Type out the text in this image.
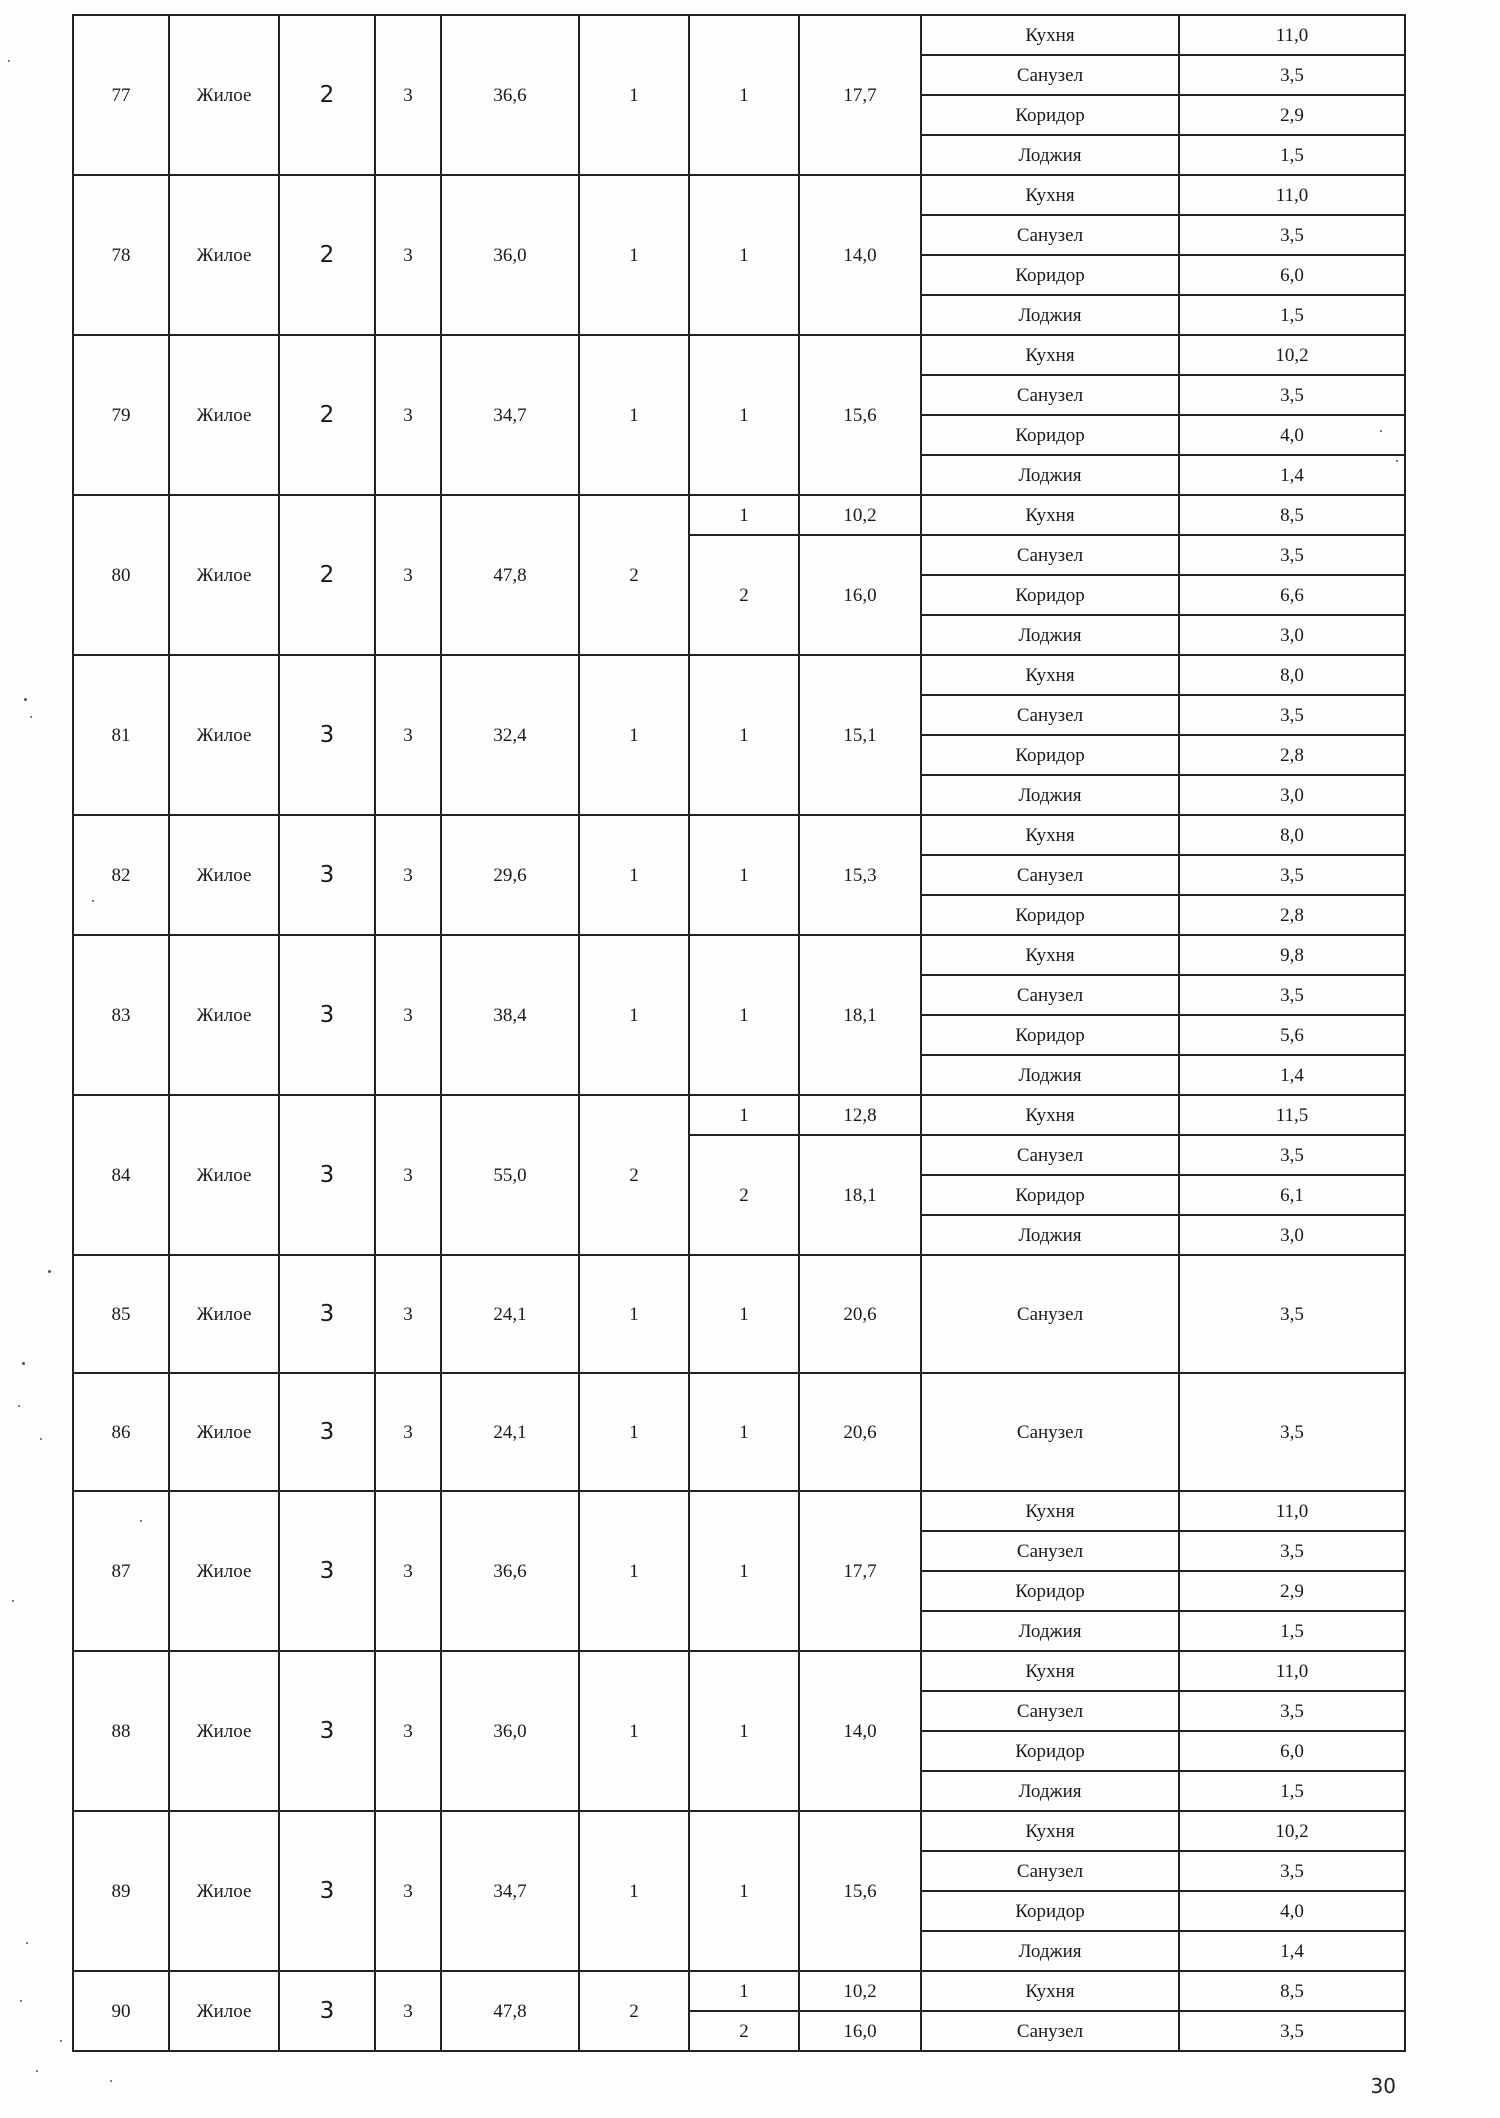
77	Жилое	2	3	36,6	1	1	17,7	Кухня	11,0
								Санузел	3,5
								Коридор	2,9
								Лоджия	1,5
78	Жилое	2	3	36,0	1	1	14,0	Кухня	11,0
								Санузел	3,5
								Коридор	6,0
								Лоджия	1,5
79	Жилое	2	3	34,7	1	1	15,6	Кухня	10,2
								Санузел	3,5
								Коридор	4,0
								Лоджия	1,4
80	Жилое	2	3	47,8	2	1	10,2	Кухня	8,5
						2	16,0	Санузел	3,5
								Коридор	6,6
								Лоджия	3,0
81	Жилое	3	3	32,4	1	1	15,1	Кухня	8,0
								Санузел	3,5
								Коридор	2,8
								Лоджия	3,0
82	Жилое	3	3	29,6	1	1	15,3	Кухня	8,0
								Санузел	3,5
								Коридор	2,8
83	Жилое	3	3	38,4	1	1	18,1	Кухня	9,8
								Санузел	3,5
								Коридор	5,6
								Лоджия	1,4
84	Жилое	3	3	55,0	2	1	12,8	Кухня	11,5
						2	18,1	Санузел	3,5
								Коридор	6,1
								Лоджия	3,0
85	Жилое	3	3	24,1	1	1	20,6	Санузел	3,5
86	Жилое	3	3	24,1	1	1	20,6	Санузел	3,5
87	Жилое	3	3	36,6	1	1	17,7	Кухня	11,0
								Санузел	3,5
								Коридор	2,9
								Лоджия	1,5
88	Жилое	3	3	36,0	1	1	14,0	Кухня	11,0
								Санузел	3,5
								Коридор	6,0
								Лоджия	1,5
89	Жилое	3	3	34,7	1	1	15,6	Кухня	10,2
								Санузел	3,5
								Коридор	4,0
								Лоджия	1,4
90	Жилое	3	3	47,8	2	1	10,2	Кухня	8,5
						2	16,0	Санузел	3,5
30
